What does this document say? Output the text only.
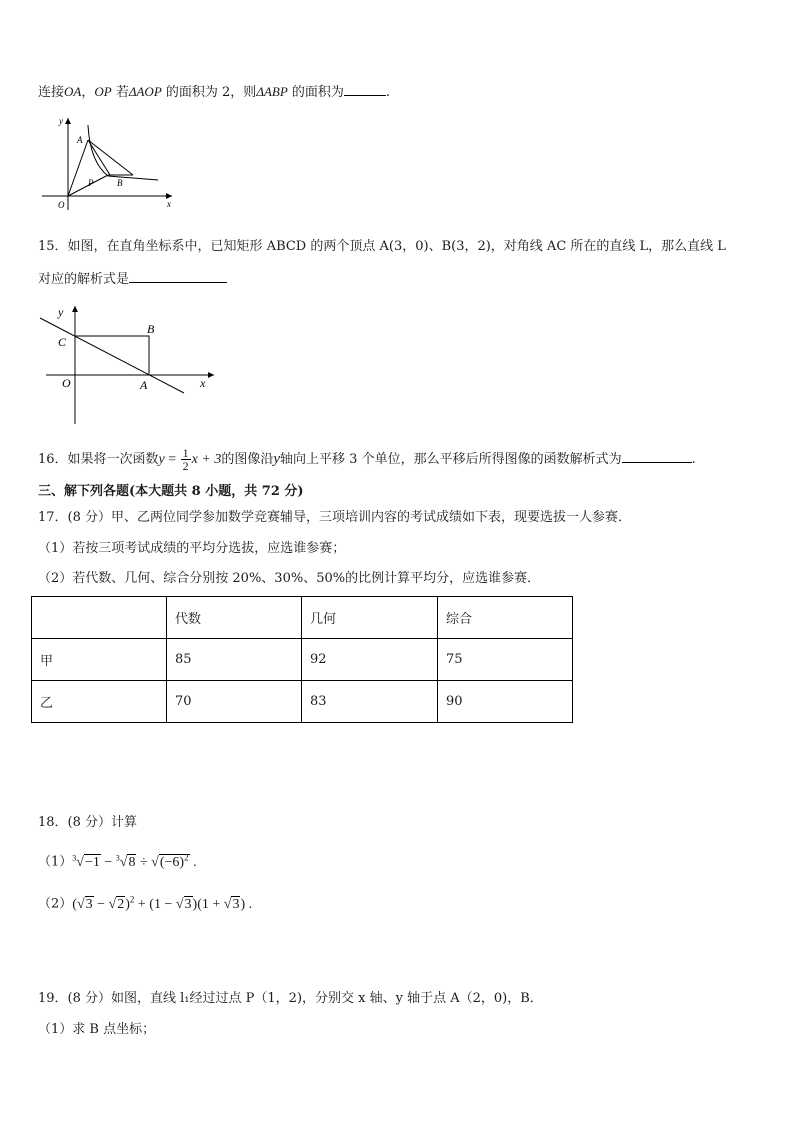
连接OA，OP 若ΔAOP 的面积为 2，则ΔABP 的面积为	.
y
x
O
A
P	B
15．如图，在直角坐标系中，已知矩形 ABCD 的两个顶点 A(3，0)、B(3，2)，对角线 AC 所在的直线 L，那么直线 L
对应的解析式是
y
x
O	A
B
C
16．如果将一次函数$y = \frac{1}{2}$ x + 3的图像沿y轴向上平移 3 个单位，那么平移后所得图像的函数解析式为	.
三、解下列各题(本大题共 8 小题，共 72 分)
17．(8 分）甲、乙两位同学参加数学竞赛辅导，三项培训内容的考试成绩如下表，现要选拔一人参赛．
（1）若按三项考试成绩的平均分选拔，应选谁参赛；
（2）若代数、几何、综合分别按 20%、30%、50%的比例计算平均分，应选谁参赛．
	代数	几何	综合
甲	85	92	75
乙	70	83	90
18．(8 分）计算
$(1)^3√-1 - ^3√8 \div √(-6)^2$ .
$(2)(√3 - √2)^2 + (1 - √3)(1 + √3)$ .
19．(8 分）如图，直线 l₁经过过点 P（1，2)，分别交 x 轴、y 轴于点 A（2，0)，B．
（1）求 B 点坐标；
